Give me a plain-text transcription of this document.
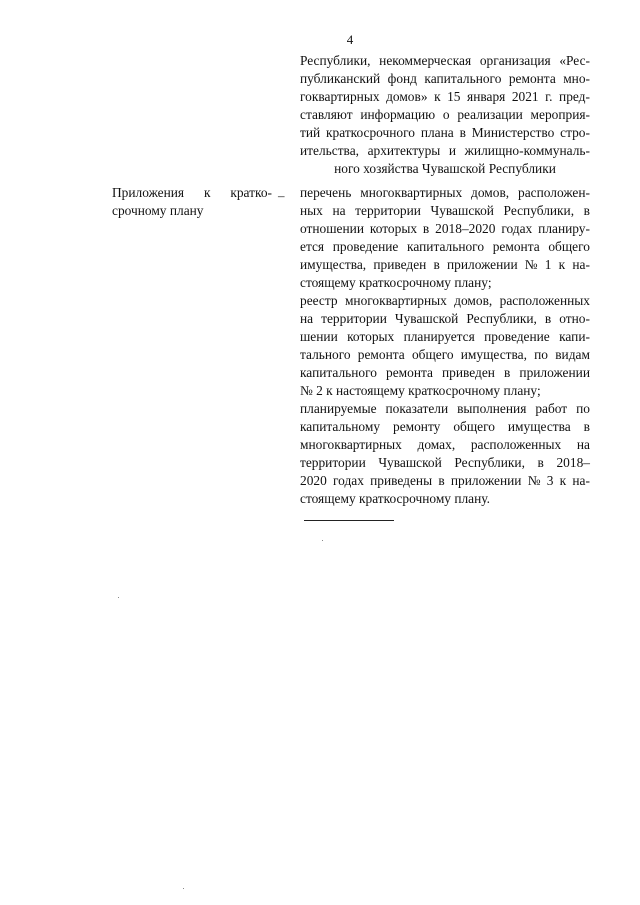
4
Республики, некоммерческая организация «Рес-
публиканский фонд капитального ремонта мно-
гоквартирных домов» к 15 января 2021 г. пред-
ставляют информацию о реализации мероприя-
тий краткосрочного плана в Министерство стро-
ительства, архитектуры и жилищно-коммуналь-
ного хозяйства Чувашской Республики
Приложения к кратко-
срочному плану
– перечень многоквартирных домов, расположен-
ных на территории Чувашской Республики, в
отношении которых в 2018–2020 годах планиру-
ется проведение капитального ремонта общего
имущества, приведен в приложении № 1 к на-
стоящему краткосрочному плану;
реестр многоквартирных домов, расположенных
на территории Чувашской Республики, в отно-
шении которых планируется проведение капи-
тального ремонта общего имущества, по видам
капитального ремонта приведен в приложении
№ 2 к настоящему краткосрочному плану;
планируемые показатели выполнения работ по
капитальному ремонту общего имущества в
многоквартирных домах, расположенных на
территории Чувашской Республики, в 2018–
2020 годах приведены в приложении № 3 к на-
стоящему краткосрочному плану.
